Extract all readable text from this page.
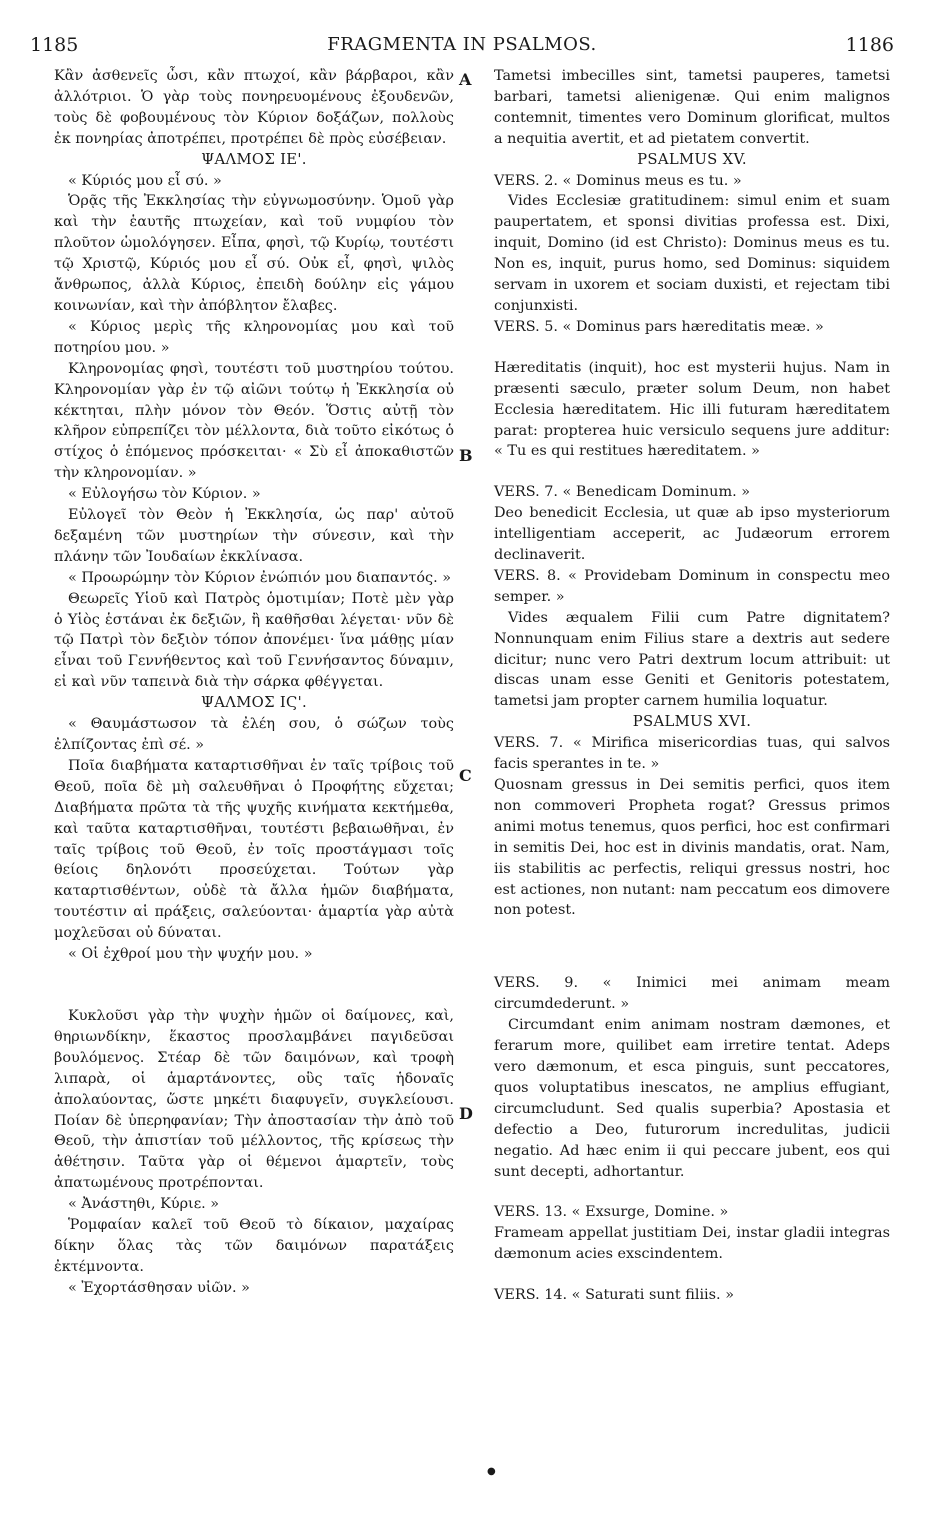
1185	FRAGMENTA IN PSALMOS.	1186
A
B
C
D

Κἂν ἀσθενεῖς ὦσι, κἂν πτωχοί, κἂν βάρβαροι, κἂν ἀλλότριοι. Ὁ γὰρ τοὺς πονηρευομένους ἐξουδενῶν, τοὺς δὲ φοβουμένους τὸν Κύριον δοξάζων, πολλοὺς ἐκ πονηρίας ἀποτρέπει, προτρέπει δὲ πρὸς εὐσέβειαν.

ΨΑΛΜΟΣ ΙΕ'.

« Κύριός μου εἶ σύ. »

Ὁρᾷς τῆς Ἐκκλησίας τὴν εὐγνωμοσύνην. Ὁμοῦ γὰρ καὶ τὴν ἑαυτῆς πτωχείαν, καὶ τοῦ νυμφίου τὸν πλοῦτον ὡμολόγησεν. Εἶπα, φησὶ, τῷ Κυρίῳ, τουτέστι τῷ Χριστῷ, Κύριός μου εἶ σύ. Οὐκ εἶ, φησὶ, ψιλὸς ἄνθρωπος, ἀλλὰ Κύριος, ἐπειδὴ δούλην εἰς γάμου κοινωνίαν, καὶ τὴν ἀπόβλητον ἔλαβες.

« Κύριος μερὶς τῆς κληρονομίας μου καὶ τοῦ ποτηρίου μου. »

Κληρονομίας φησὶ, τουτέστι τοῦ μυστηρίου τούτου. Κληρονομίαν γὰρ ἐν τῷ αἰῶνι τούτῳ ἡ Ἐκκλησία οὐ κέκτηται, πλὴν μόνον τὸν Θεόν. Ὅστις αὐτῇ τὸν κλῆρον εὐπρεπίζει τὸν μέλλοντα, διὰ τοῦτο εἰκότως ὁ στίχος ὁ ἑπόμενος πρόσκειται· « Σὺ εἶ ἀποκαθιστῶν τὴν κληρονομίαν. »

« Εὐλογήσω τὸν Κύριον. »

Εὐλογεῖ τὸν Θεὸν ἡ Ἐκκλησία, ὡς παρ' αὐτοῦ δεξαμένη τῶν μυστηρίων τὴν σύνεσιν, καὶ τὴν πλάνην τῶν Ἰουδαίων ἐκκλίνασα.

« Προωρώμην τὸν Κύριον ἐνώπιόν μου διαπαντός. »

Θεωρεῖς Υἱοῦ καὶ Πατρὸς ὁμοτιμίαν; Ποτὲ μὲν γὰρ ὁ Υἱὸς ἑστάναι ἐκ δεξιῶν, ἢ καθῆσθαι λέγεται· νῦν δὲ τῷ Πατρὶ τὸν δεξιὸν τόπον ἀπονέμει· ἵνα μάθῃς μίαν εἶναι τοῦ Γεννήθεντος καὶ τοῦ Γεννήσαντος δύναμιν, εἰ καὶ νῦν ταπεινὰ διὰ τὴν σάρκα φθέγγεται.

ΨΑΛΜΟΣ ΙϚ'.

« Θαυμάστωσον τὰ ἐλέη σου, ὁ σώζων τοὺς ἐλπίζοντας ἐπὶ σέ. »

Ποῖα διαβήματα καταρτισθῆναι ἐν ταῖς τρίβοις τοῦ Θεοῦ, ποῖα δὲ μὴ σαλευθῆναι ὁ Προφήτης εὔχεται; Διαβήματα πρῶτα τὰ τῆς ψυχῆς κινήματα κεκτήμεθα, καὶ ταῦτα καταρτισθῆναι, τουτέστι βεβαιωθῆναι, ἐν ταῖς τρίβοις τοῦ Θεοῦ, ἐν τοῖς προστάγμασι τοῖς θείοις δηλονότι προσεύχεται. Τούτων γὰρ καταρτισθέντων, οὐδὲ τὰ ἄλλα ἡμῶν διαβήματα, τουτέστιν αἱ πράξεις, σαλεύονται· ἁμαρτία γὰρ αὐτὰ μοχλεῦσαι οὐ δύναται.

« Οἱ ἐχθροί μου τὴν ψυχήν μου. »

Κυκλοῦσι γὰρ τὴν ψυχὴν ἡμῶν οἱ δαίμονες, καὶ, θηριωνδίκην, ἕκαστος προσλαμβάνει παγιδεῦσαι βουλόμενος. Στέαρ δὲ τῶν δαιμόνων, καὶ τροφὴ λιπαρὰ, οἱ ἁμαρτάνοντες, οὓς ταῖς ἡδοναῖς ἀπολαύοντας, ὥστε μηκέτι διαφυγεῖν, συγκλείουσι. Ποίαν δὲ ὑπερηφανίαν; Τὴν ἀποστασίαν τὴν ἀπὸ τοῦ Θεοῦ, τὴν ἀπιστίαν τοῦ μέλλοντος, τῆς κρίσεως τὴν ἀθέτησιν. Ταῦτα γὰρ οἱ θέμενοι ἁμαρτεῖν, τοὺς ἀπατωμένους προτρέπονται.

« Ἀνάστηθι, Κύριε. »

Ῥομφαίαν καλεῖ τοῦ Θεοῦ τὸ δίκαιον, μαχαίρας δίκην ὅλας τὰς τῶν δαιμόνων παρατάξεις ἐκτέμνοντα.

« Ἐχορτάσθησαν υἱῶν. »

Tametsi imbecilles sint, tametsi pauperes, tametsi barbari, tametsi alienigenæ. Qui enim malignos contemnit, timentes vero Dominum glorificat, multos a nequitia avertit, et ad pietatem convertit.

PSALMUS XV.

VERS. 2. « Dominus meus es tu. »

Vides Ecclesiæ gratitudinem: simul enim et suam paupertatem, et sponsi divitias professa est. Dixi, inquit, Domino (id est Christo): Dominus meus es tu. Non es, inquit, purus homo, sed Dominus: siquidem servam in uxorem et sociam duxisti, et rejectam tibi conjunxisti.

VERS. 5. « Dominus pars hæreditatis meæ. »

Hæreditatis (inquit), hoc est mysterii hujus. Nam in præsenti sæculo, præter solum Deum, non habet Ecclesia hæreditatem. Hic illi futuram hæreditatem parat: propterea huic versiculo sequens jure additur: « Tu es qui restitues hæreditatem. »

VERS. 7. « Benedicam Dominum. »

Deo benedicit Ecclesia, ut quæ ab ipso mysteriorum intelligentiam acceperit, ac Judæorum errorem declinaverit.

VERS. 8. « Providebam Dominum in conspectu meo semper. »

Vides æqualem Filii cum Patre dignitatem? Nonnunquam enim Filius stare a dextris aut sedere dicitur; nunc vero Patri dextrum locum attribuit: ut discas unam esse Geniti et Genitoris potestatem, tametsi jam propter carnem humilia loquatur.

PSALMUS XVI.

VERS. 7. « Mirifica misericordias tuas, qui salvos facis sperantes in te. »

Quosnam gressus in Dei semitis perfici, quos item non commoveri Propheta rogat? Gressus primos animi motus tenemus, quos perfici, hoc est confirmari in semitis Dei, hoc est in divinis mandatis, orat. Nam, iis stabilitis ac perfectis, reliqui gressus nostri, hoc est actiones, non nutant: nam peccatum eos dimovere non potest.

VERS. 9. « Inimici mei animam meam circumdederunt. »

Circumdant enim animam nostram dæmones, et ferarum more, quilibet eam irretire tentat. Adeps vero dæmonum, et esca pinguis, sunt peccatores, quos voluptatibus inescatos, ne amplius effugiant, circumcludunt. Sed qualis superbia? Apostasia et defectio a Deo, futurorum incredulitas, judicii negatio. Ad hæc enim ii qui peccare jubent, eos qui sunt decepti, adhortantur.

VERS. 13. « Exsurge, Domine. »

Frameam appellat justitiam Dei, instar gladii integras dæmonum acies exscindentem.

VERS. 14. « Saturati sunt filiis. »

●
